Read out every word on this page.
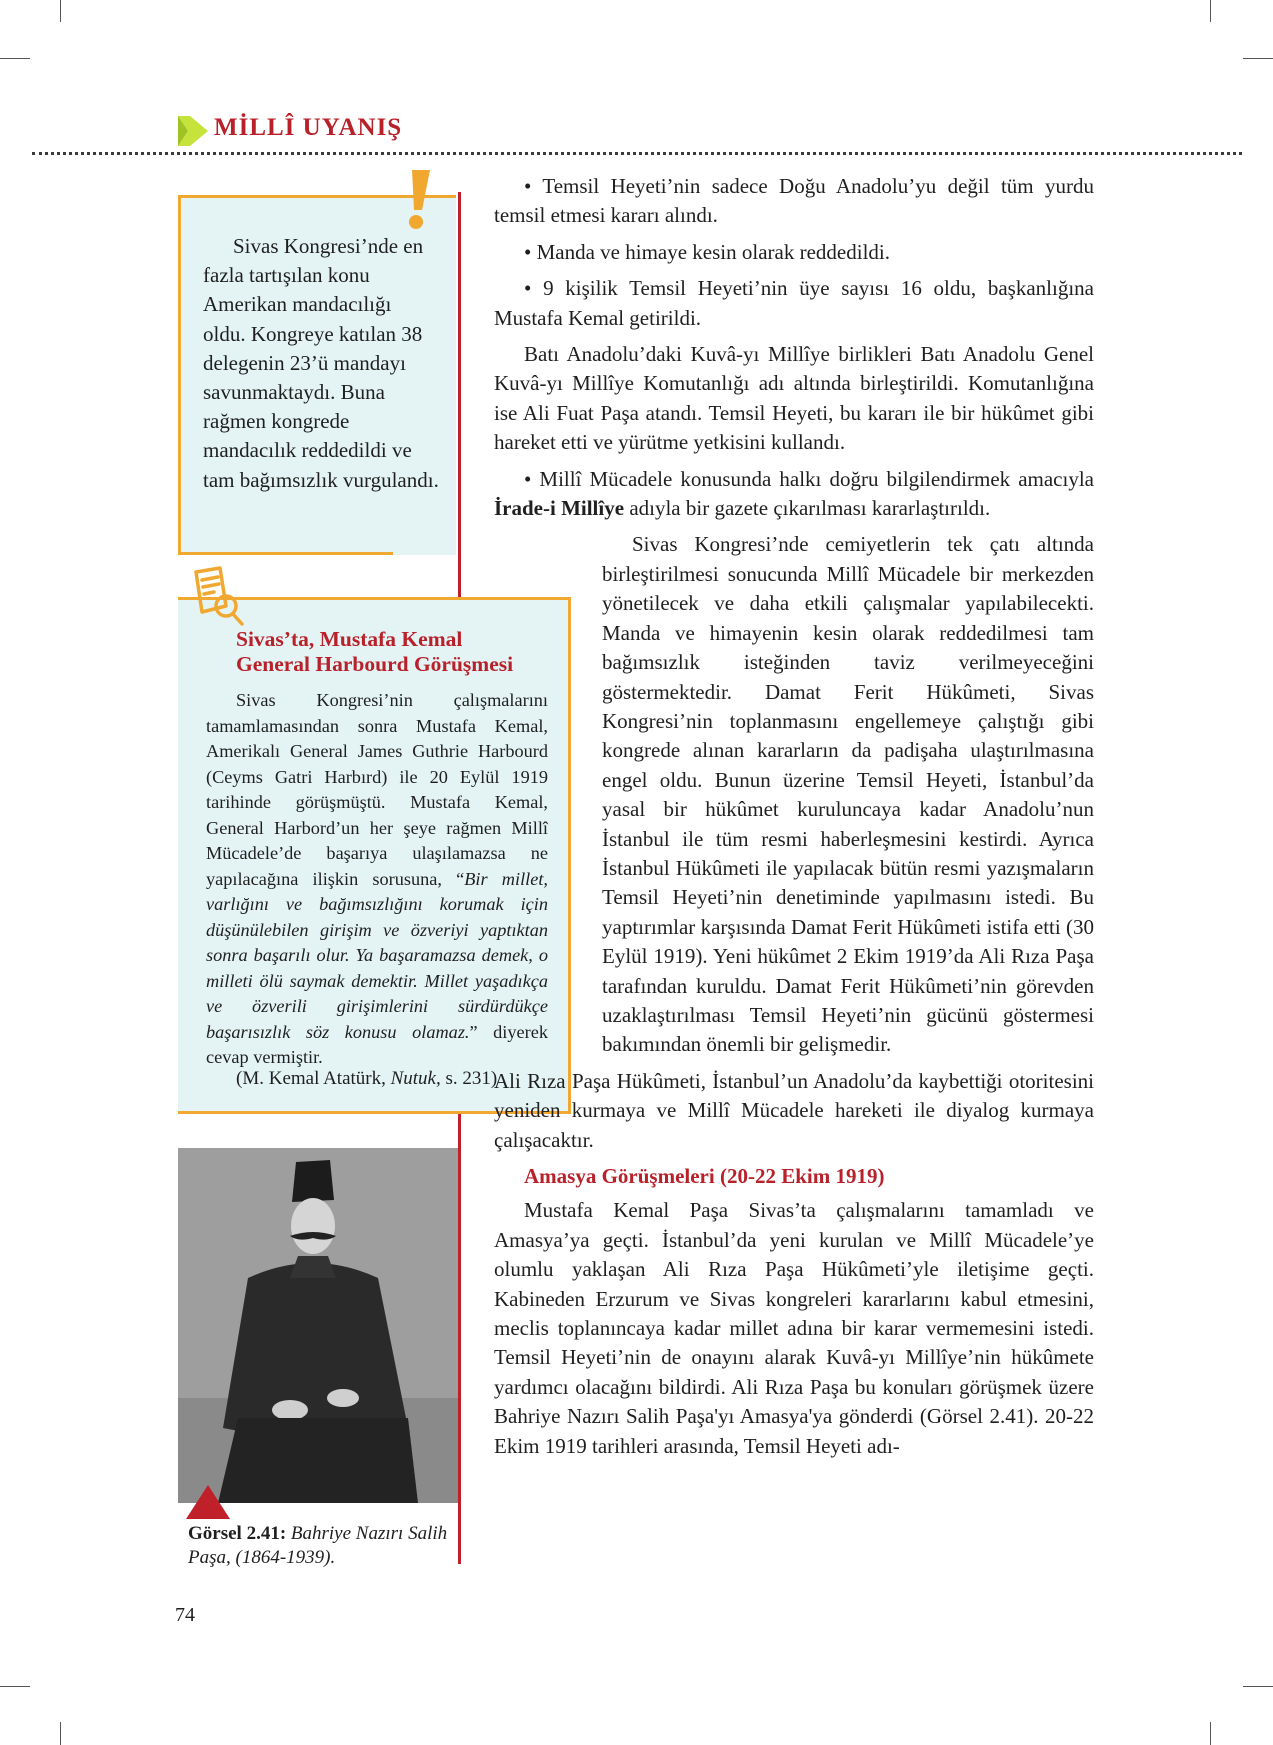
MİLLÎ UYANIŞ

Sivas Kongresi’nde en fazla tartışılan konu Amerikan mandacılığı oldu. Kongreye katılan 38 delegenin 23’ü mandayı savunmaktaydı. Buna rağmen kongrede mandacılık reddedildi ve tam bağımsızlık vurgulandı.

Sivas’ta, Mustafa Kemal
General Harbourd Görüşmesi

Sivas Kongresi’nin çalışmalarını tamamlamasından sonra Mustafa Kemal, Amerikalı General James Guthrie Harbourd (Ceyms Gatri Harbırd) ile 20 Eylül 1919 tarihinde görüşmüştü. Mustafa Kemal, General Harbord’un her şeye rağmen Millî Mücadele’de başarıya ulaşılamazsa ne yapılacağına ilişkin sorusuna, “Bir millet, varlığını ve bağımsızlığını korumak için düşünülebilen girişim ve özveriyi yaptıktan sonra başarılı olur. Ya başaramazsa demek, o milleti ölü saymak demektir. Millet yaşadıkça ve özverili girişimlerini sürdürdükçe başarısızlık söz konusu olamaz.” diyerek cevap vermiştir.

(M. Kemal Atatürk, Nutuk, s. 231)

Görsel 2.41: Bahriye Nazırı Salih Paşa, (1864-1939).

74

• Temsil Heyeti’nin sadece Doğu Anadolu’yu değil tüm yurdu temsil etmesi kararı alındı.

• Manda ve himaye kesin olarak reddedildi.

• 9 kişilik Temsil Heyeti’nin üye sayısı 16 oldu, başkanlığına Mustafa Kemal getirildi.

Batı Anadolu’daki Kuvâ-yı Millîye birlikleri Batı Anadolu Genel Kuvâ-yı Millîye Komutanlığı adı altında birleştirildi. Komutanlığına ise Ali Fuat Paşa atandı. Temsil Heyeti, bu kararı ile bir hükûmet gibi hareket etti ve yürütme yetkisini kullandı.

• Millî Mücadele konusunda halkı doğru bilgilendirmek amacıyla İrade-i Millîye adıyla bir gazete çıkarılması kararlaştırıldı.

Sivas Kongresi’nde cemiyetlerin tek çatı altında birleştirilmesi sonucunda Millî Mücadele bir merkezden yönetilecek ve daha etkili çalışmalar yapılabilecekti. Manda ve himayenin kesin olarak reddedilmesi tam bağımsızlık isteğinden taviz verilmeyeceğini göstermektedir. Damat Ferit Hükûmeti, Sivas Kongresi’nin toplanmasını engellemeye çalıştığı gibi kongrede alınan kararların da padişaha ulaştırılmasına engel oldu. Bunun üzerine Temsil Heyeti, İstanbul’da yasal bir hükûmet kuruluncaya kadar Anadolu’nun İstanbul ile tüm resmi haberleşmesini kestirdi. Ayrıca İstanbul Hükûmeti ile yapılacak bütün resmi yazışmaların Temsil Heyeti’nin denetiminde yapılmasını istedi. Bu yaptırımlar karşısında Damat Ferit Hükûmeti istifa etti (30 Eylül 1919). Yeni hükûmet 2 Ekim 1919’da Ali Rıza Paşa tarafından kuruldu. Damat Ferit Hükûmeti’nin görevden uzaklaştırılması Temsil Heyeti’nin gücünü göstermesi bakımından önemli bir gelişmedir.

Ali Rıza Paşa Hükûmeti, İstanbul’un Anadolu’da kaybettiği otoritesini yeniden kurmaya ve Millî Mücadele hareketi ile diyalog kurmaya çalışacaktır.

Amasya Görüşmeleri (20-22 Ekim 1919)

Mustafa Kemal Paşa Sivas’ta çalışmalarını tamamladı ve Amasya’ya geçti. İstanbul’da yeni kurulan ve Millî Mücadele’ye olumlu yaklaşan Ali Rıza Paşa Hükûmeti’yle iletişime geçti. Kabineden Erzurum ve Sivas kongreleri kararlarını kabul etmesini, meclis toplanıncaya kadar millet adına bir karar vermemesini istedi. Temsil Heyeti’nin de onayını alarak Kuvâ-yı Millîye’nin hükûmete yardımcı olacağını bildirdi. Ali Rıza Paşa bu konuları görüşmek üzere Bahriye Nazırı Salih Paşa'yı Amasya'ya gönderdi (Görsel 2.41). 20-22 Ekim 1919 tarihleri arasında, Temsil Heyeti adı-
